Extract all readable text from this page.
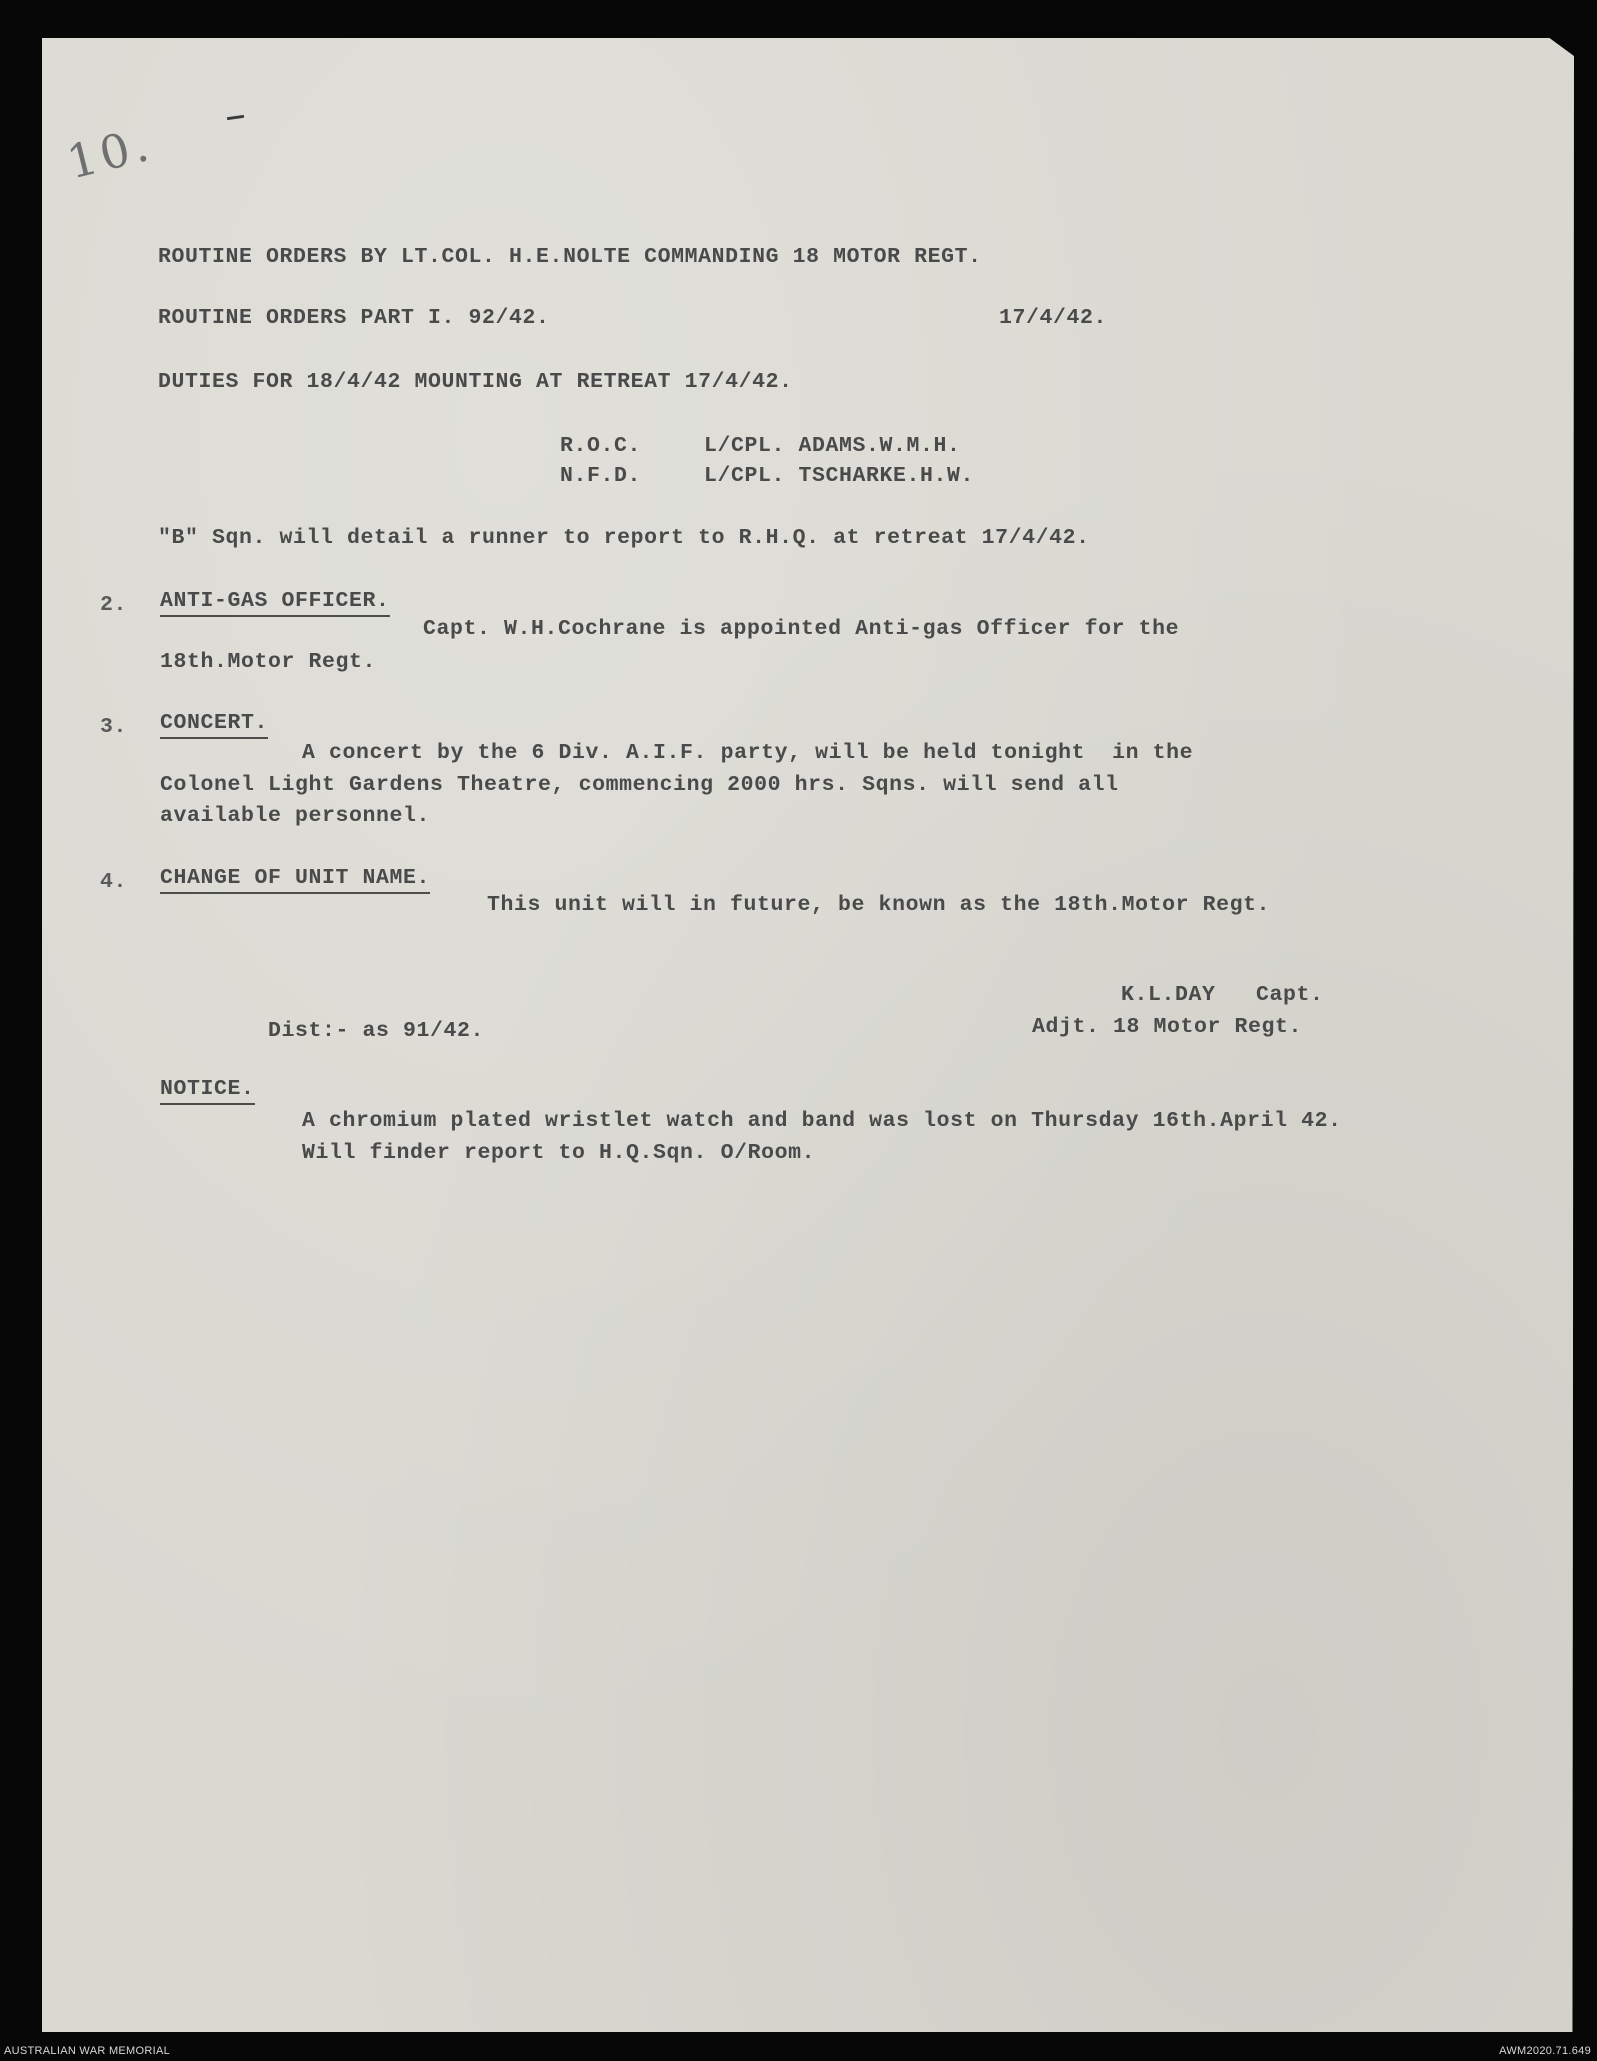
10.
ROUTINE ORDERS BY LT.COL. H.E.NOLTE COMMANDING 18 MOTOR REGT.
ROUTINE ORDERS PART I. 92/42.	17/4/42.
DUTIES FOR 18/4/42 MOUNTING AT RETREAT 17/4/42.
R.O.C.	L/CPL. ADAMS.W.M.H.
N.F.D.	L/CPL. TSCHARKE.H.W.
"B" Sqn. will detail a runner to report to R.H.Q. at retreat 17/4/42.
2. ANTI-GAS OFFICER.
Capt. W.H.Cochrane is appointed Anti-gas Officer for the
18th.Motor Regt.
3. CONCERT.
A concert by the 6 Div. A.I.F. party, will be held tonight  in the
Colonel Light Gardens Theatre, commencing 2000 hrs. Sqns. will send all
available personnel.
4. CHANGE OF UNIT NAME.
This unit will in future, be known as the 18th.Motor Regt.
K.L.DAY   Capt.
Adjt. 18 Motor Regt.
Dist:- as 91/42.
NOTICE.
A chromium plated wristlet watch and band was lost on Thursday 16th.April 42.
Will finder report to H.Q.Sqn. O/Room.
AUSTRALIAN WAR MEMORIAL	AWM2020.71.649
